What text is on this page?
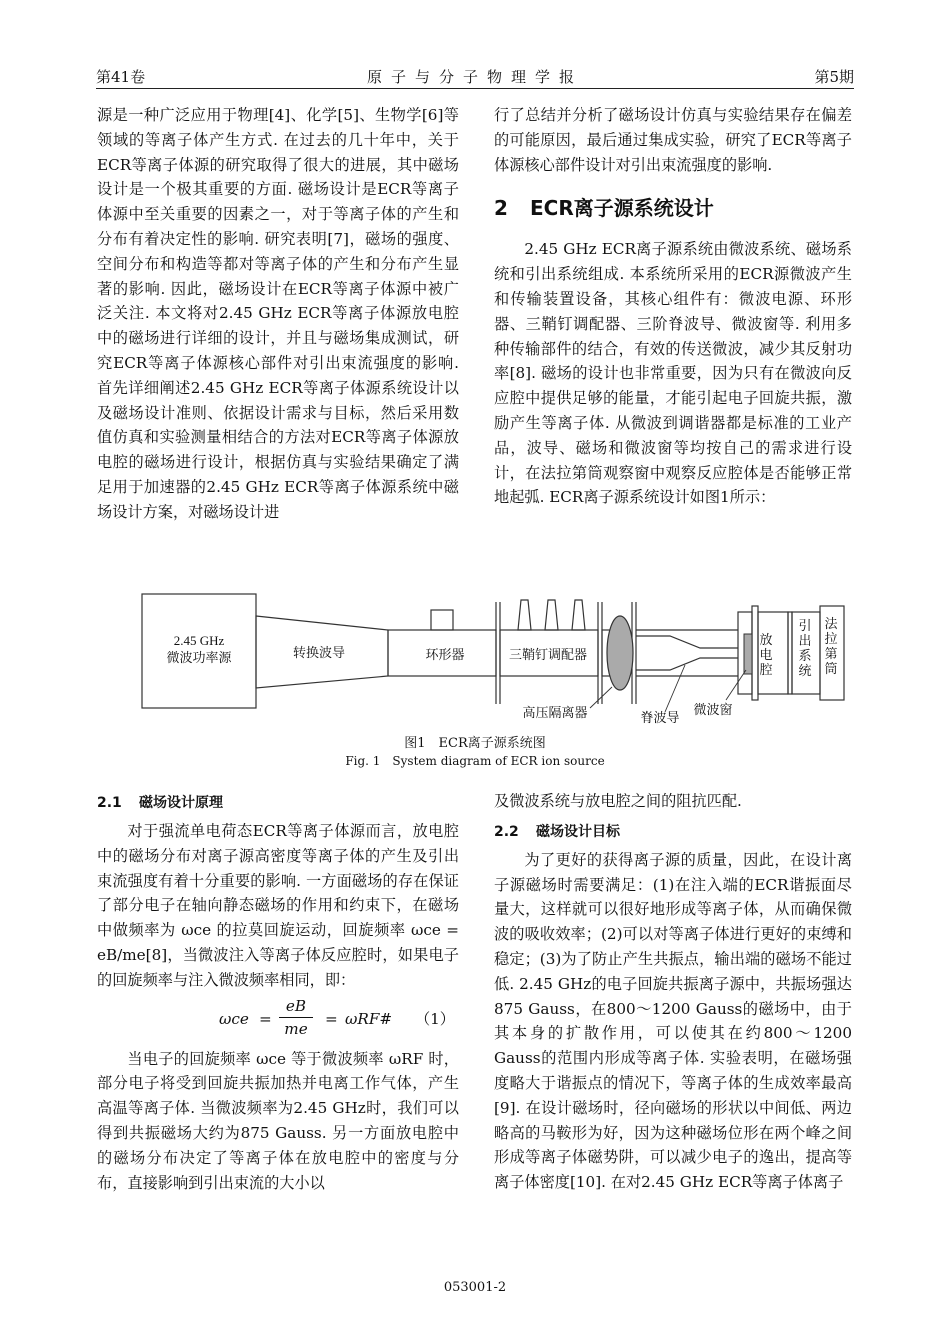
第41卷	原子与分子物理学报	第5期

源是一种广泛应用于物理[4]、化学[5]、生物学[6]等领域的等离子体产生方式. 在过去的几十年中，关于ECR等离子体源的研究取得了很大的进展，其中磁场设计是一个极其重要的方面. 磁场设计是ECR等离子体源中至关重要的因素之一，对于等离子体的产生和分布有着决定性的影响. 研究表明[7]，磁场的强度、空间分布和构造等都对等离子体的产生和分布产生显著的影响. 因此，磁场设计在ECR等离子体源中被广泛关注. 本文将对2.45 GHz ECR等离子体源放电腔中的磁场进行详细的设计，并且与磁场集成测试，研究ECR等离子体源核心部件对引出束流强度的影响. 首先详细阐述2.45 GHz ECR等离子体源系统设计以及磁场设计准则、依据设计需求与目标，然后采用数值仿真和实验测量相结合的方法对ECR等离子体源放电腔的磁场进行设计，根据仿真与实验结果确定了满足用于加速器的2.45 GHz ECR等离子体源系统中磁场设计方案，对磁场设计进

行了总结并分析了磁场设计仿真与实验结果存在偏差的可能原因，最后通过集成实验，研究了ECR等离子体源核心部件设计对引出束流强度的影响.

2 ECR离子源系统设计

2.45 GHz ECR离子源系统由微波系统、磁场系统和引出系统组成. 本系统所采用的ECR源微波产生和传输装置设备，其核心组件有：微波电源、环形器、三鞘钉调配器、三阶脊波导、微波窗等. 利用多种传输部件的结合，有效的传送微波，减少其反射功率[8]. 磁场的设计也非常重要，因为只有在微波向反应腔中提供足够的能量，才能引起电子回旋共振，激励产生等离子体. 从微波到调谐器都是标准的工业产品，波导、磁场和微波窗等均按自己的需求进行设计，在法拉第筒观察窗中观察反应腔体是否能够正常地起弧. ECR离子源系统设计如图1所示：

2.45 GHz
微波功率源	转换波导	环形器	三鞘钉调配器
高压隔离器	脊波导
微波窗
放电腔
引出系统
法拉第筒
图1　ECR离子源系统图
Fig. 1　System diagram of ECR ion source
2.1 磁场设计原理

对于强流单电荷态ECR等离子体源而言，放电腔中的磁场分布对离子源高密度等离子体的产生及引出束流强度有着十分重要的影响. 一方面磁场的存在保证了部分电子在轴向静态磁场的作用和约束下，在磁场中做频率为 ωce 的拉莫回旋运动，回旋频率 ωce = eB/me[8]，当微波注入等离子体反应腔时，如果电子的回旋频率与注入微波频率相同，即：

$\omega ce = \frac{eB}{me}$ = ωRF# （1）

当电子的回旋频率 ωce 等于微波频率 ωRF 时，部分电子将受到回旋共振加热并电离工作气体，产生高温等离子体. 当微波频率为2.45 GHz时，我们可以得到共振磁场大约为875 Gauss. 另一方面放电腔中的磁场分布决定了等离子体在放电腔中的密度与分布，直接影响到引出束流的大小以

及微波系统与放电腔之间的阻抗匹配.

2.2 磁场设计目标

为了更好的获得离子源的质量，因此，在设计离子源磁场时需要满足：(1)在注入端的ECR谐振面尽量大，这样就可以很好地形成等离子体，从而确保微波的吸收效率；(2)可以对等离子体进行更好的束缚和稳定；(3)为了防止产生共振点，输出端的磁场不能过低. 2.45 GHz的电子回旋共振离子源中，共振场强达875 Gauss，在800～1200 Gauss的磁场中，由于其本身的扩散作用，可以使其在约800～1200 Gauss的范围内形成等离子体. 实验表明，在磁场强度略大于谐振点的情况下，等离子体的生成效率最高[9]. 在设计磁场时，径向磁场的形状以中间低、两边略高的马鞍形为好，因为这种磁场位形在两个峰之间形成等离子体磁势阱，可以减少电子的逸出，提高等离子体密度[10]. 在对2.45 GHz ECR等离子体离子

053001-2
